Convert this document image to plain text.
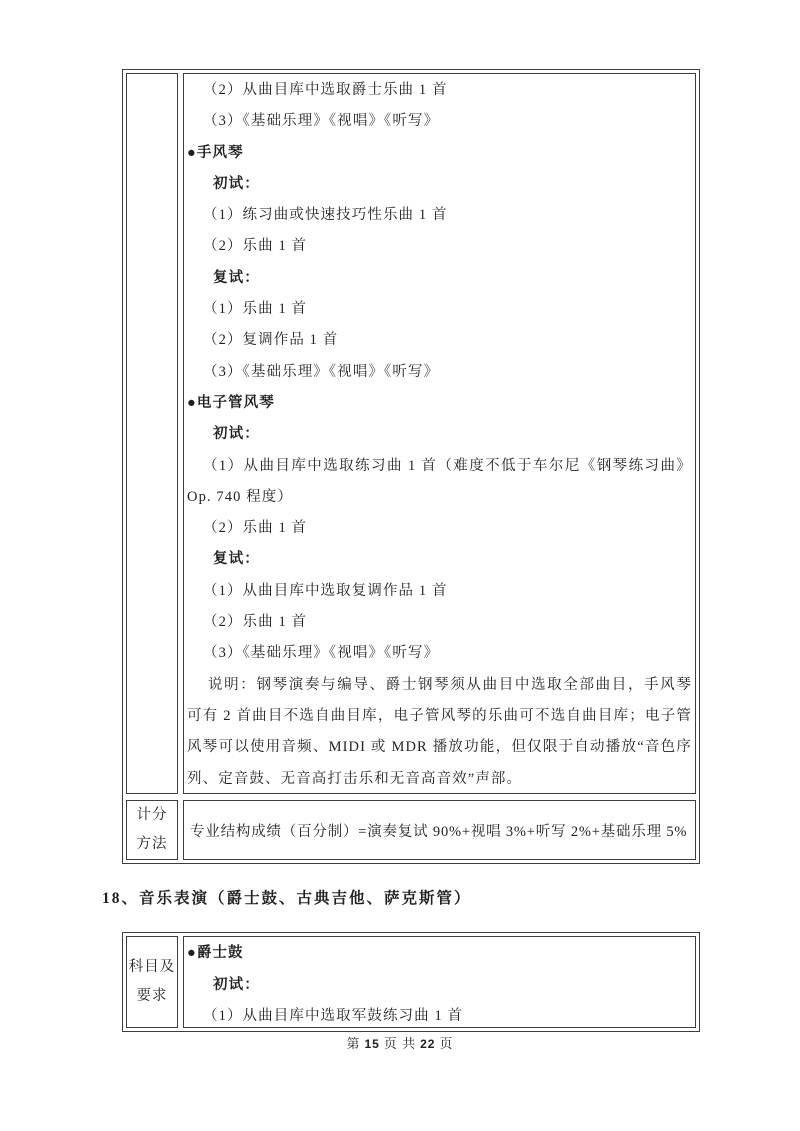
（2）从曲目库中选取爵士乐曲 1 首
（3）《基础乐理》《视唱》《听写》
●手风琴
初试：
（1）练习曲或快速技巧性乐曲 1 首
（2）乐曲 1 首
复试：
（1）乐曲 1 首
（2）复调作品 1 首
（3）《基础乐理》《视唱》《听写》
●电子管风琴
初试：
（1）从曲目库中选取练习曲 1 首（难度不低于车尔尼《钢琴练习曲》
Op. 740 程度）
（2）乐曲 1 首
复试：
（1）从曲目库中选取复调作品 1 首
（2）乐曲 1 首
（3）《基础乐理》《视唱》《听写》
说明：钢琴演奏与编导、爵士钢琴须从曲目中选取全部曲目，手风琴
可有 2 首曲目不选自曲目库，电子管风琴的乐曲可不选自曲目库；电子管
风琴可以使用音频、MIDI 或 MDR 播放功能，但仅限于自动播放“音色序
列、定音鼓、无音高打击乐和无音高音效”声部。
计分
方法
专业结构成绩（百分制）=演奏复试 90%+视唱 3%+听写 2%+基础乐理 5%
18、音乐表演（爵士鼓、古典吉他、萨克斯管）
科目及
要求
●爵士鼓
初试：
（1）从曲目库中选取军鼓练习曲 1 首
第 15 页 共 22 页
